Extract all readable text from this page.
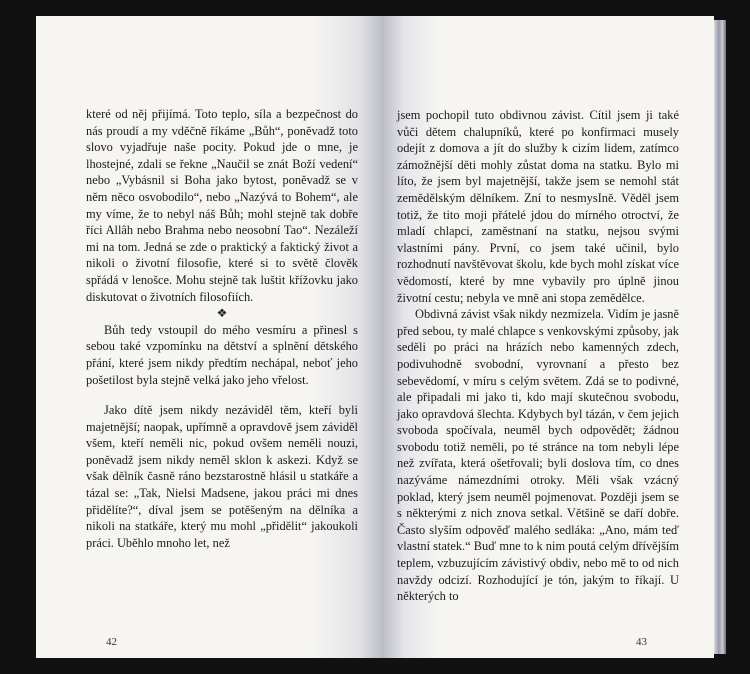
které od něj přijímá. Toto teplo, síla a bezpečnost do nás proudí a my vděčně říkáme „Bůh“, poněvadž toto slovo vyjadřuje naše pocity. Pokud jde o mne, je lhostejné, zdali se řekne „Naučil se znát Boží vedení“ nebo „Vybásnil si Boha jako bytost, poněvadž se v něm něco osvobodilo“, nebo „Nazývá to Bohem“, ale my víme, že to nebyl náš Bůh; mohl stejně tak dobře říci Allâh nebo Brahma nebo neosobní Tao“. Nezáleží mi na tom. Jedná se zde o praktický a faktický život a nikoli o životní filosofie, které si to světě člověk spřádá v lenošce. Mohu stejně tak luštit křížovku jako diskutovat o životních filosofiích.

❖

Bůh tedy vstoupil do mého vesmíru a přinesl s sebou také vzpomínku na dětství a splnění dětského přání, které jsem nikdy předtím nechápal, neboť jeho pošetilost byla stejně velká jako jeho vřelost.

Jako dítě jsem nikdy nezáviděl těm, kteří byli majetnější; naopak, upřímně a opravdově jsem záviděl všem, kteří neměli nic, pokud ovšem neměli nouzi, poněvadž jsem nikdy neměl sklon k askezi. Když se však dělník časně ráno bezstarostně hlásil u statkáře a tázal se: „Tak, Nielsi Madsene, jakou práci mi dnes přidělíte?“, díval jsem se potěšeným na dělníka a nikoli na statkáře, který mu mohl „přidělit“ jakoukoli práci. Uběhlo mnoho let, než

42

jsem pochopil tuto obdivnou závist. Cítil jsem ji také vůči dětem chalupníků, které po konfirmaci musely odejít z domova a jít do služby k cizím lidem, zatímco zámožnější děti mohly zůstat doma na statku. Bylo mi líto, že jsem byl majetnější, takže jsem se nemohl stát zemědělským dělníkem. Zní to nesmysIně. Věděl jsem totiž, že tito moji přátelé jdou do mírného otroctví, že mladí chlapci, zaměstnaní na statku, nejsou svými vlastními pány. První, co jsem také učinil, bylo rozhodnutí navštěvovat školu, kde bych mohl získat více vědomostí, které by mne vybavily pro úplně jinou životní cestu; nebyla ve mně ani stopa zemědělce.

Obdivná závist však nikdy nezmizela. Vidím je jasně před sebou, ty malé chlapce s venkovskými způsoby, jak seděli po práci na hrázích nebo kamenných zdech, podivuhodně svobodní, vyrovnaní a přesto bez sebevědomí, v míru s celým světem. Zdá se to podivné, ale připadali mi jako ti, kdo mají skutečnou svobodu, jako opravdová šlechta. Kdybych byl tázán, v čem jejich svoboda spočívala, neuměl bych odpovědět; žádnou svobodu totiž neměli, po té stránce na tom nebyli lépe než zvířata, která ošetřovali; byli doslova tím, co dnes nazýváme námezdními otroky. Měli však vzácný poklad, který jsem neuměl pojmenovat. Později jsem se s některými z nich znova setkal. Většině se daří dobře. Často slyším odpověď malého sedláka: „Ano, mám teď vlastní statek.“ Buď mne to k nim poutá celým dřívějším teplem, vzbuzujícím závistivý obdiv, nebo mě to od nich navždy odcizí. Rozhodující je tón, jakým to říkají. U některých to

43
